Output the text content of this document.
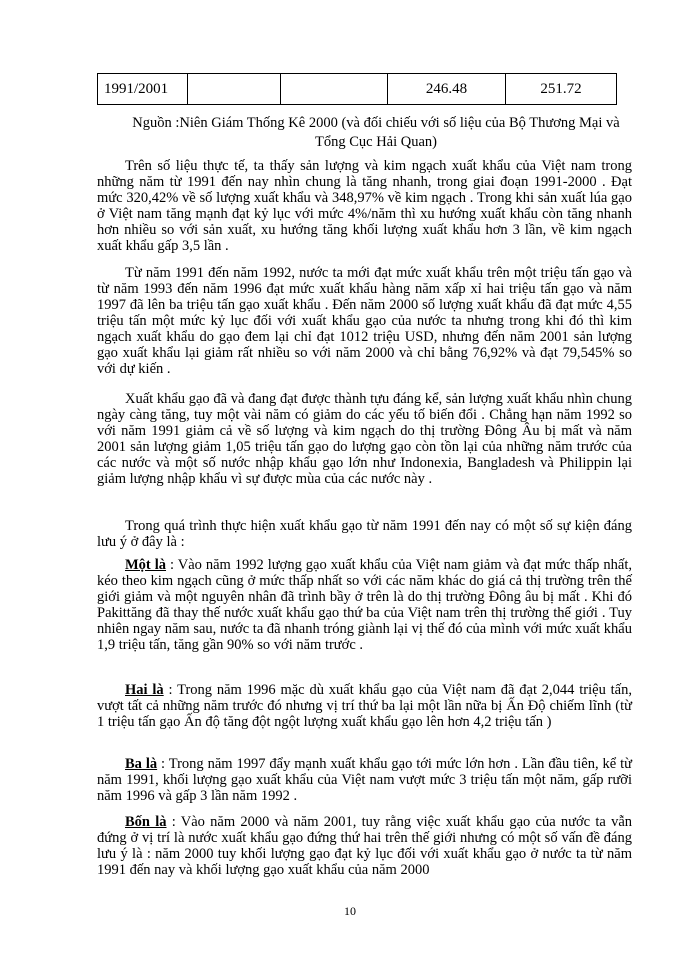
1991/2001			246.48	251.72
Nguồn :Niên Giám Thống Kê 2000 (và đối chiếu với số liệu của Bộ Thương Mại và Tổng Cục Hải Quan)
Trên số liệu thực tế, ta thấy sản lượng và kim ngạch xuất khẩu của Việt nam trong những năm từ 1991 đến nay nhìn chung là tăng nhanh, trong giai đoạn 1991-2000 . Đạt mức 320,42% về số lượng xuất khẩu và 348,97% về kim ngạch . Trong khi sản xuất lúa gạo ở Việt nam tăng mạnh đạt kỷ lục với mức 4%/năm thì xu hướng xuất khẩu còn tăng nhanh hơn nhiều so với sản xuất, xu hướng tăng khối lượng xuất khẩu hơn 3 lần, về kim ngạch xuất khẩu gấp 3,5 lần .
Từ năm 1991 đến năm 1992, nước ta mới đạt mức xuất khẩu trên một triệu tấn gạo và từ năm 1993 đến năm 1996 đạt mức xuất khẩu hàng năm xấp xỉ hai triệu tấn gạo và năm 1997 đã lên ba triệu tấn gạo xuất khẩu . Đến năm 2000 số lượng xuất khẩu đã đạt mức 4,55 triệu tấn một mức kỷ lục đối với xuất khẩu gạo của nước ta nhưng trong khi đó thì kim ngạch xuất khẩu do gạo đem lại chỉ đạt 1012 triệu USD, nhưng đến năm 2001 sản lượng gạo xuất khẩu lại giảm rất nhiều so với năm 2000 và chỉ bằng 76,92% và đạt 79,545% so với dự kiến .
Xuất khẩu gạo đã và đang đạt được thành tựu đáng kể, sản lượng xuất khẩu nhìn chung ngày càng tăng, tuy một vài năm có giảm do các yếu tố biến đổi . Chẳng hạn năm 1992 so với năm 1991 giảm cả về số lượng và kim ngạch do thị trường Đông Âu bị mất và năm 2001 sản lượng giảm 1,05 triệu tấn gạo do lượng gạo còn tồn lại của những năm trước của các nước và một số nước nhập khẩu gạo lớn như Indonexia, Bangladesh và Philippin lại giảm lượng nhập khẩu vì sự được mùa của các nước này .
Trong quá trình thực hiện xuất khẩu gạo từ năm 1991 đến nay có một số sự kiện đáng lưu ý ở đây là :
Một là : Vào năm 1992 lượng gạo xuất khẩu của Việt nam giảm và đạt mức thấp nhất, kéo theo kim ngạch cũng ở mức thấp nhất so với các năm khác do giá cả thị trường trên thế giới giảm và một nguyên nhân đã trình bầy ở trên là do thị trường Đông âu bị mất . Khi đó Pakittăng đã thay thế nước xuất khẩu gạo thứ ba của Việt nam trên thị trường thế giới . Tuy nhiên ngay năm sau, nước ta đã nhanh tróng giành lại vị thế đó của mình với mức xuất khẩu 1,9 triệu tấn, tăng gần 90% so với năm trước .
Hai là : Trong năm 1996 mặc dù xuất khẩu gạo của Việt nam đã đạt 2,044 triệu tấn, vượt tất cả những năm trước đó nhưng vị trí thứ ba lại một lần nữa bị Ấn Độ chiếm lĩnh (từ 1 triệu tấn gạo Ấn độ tăng đột ngột lượng xuất khẩu gạo lên hơn 4,2 triệu tấn )
Ba là : Trong năm 1997 đẩy mạnh xuất khẩu gạo tới mức lớn hơn . Lần đầu tiên, kể từ năm 1991, khối lượng gạo xuất khẩu của Việt nam vượt mức 3 triệu tấn một năm, gấp rưỡi năm 1996 và gấp 3 lần năm 1992 .
Bốn là : Vào năm 2000 và năm 2001, tuy rằng việc xuất khẩu gạo của nước ta vẫn đứng ở vị trí là nước xuất khẩu gạo đứng thứ hai trên thế giới nhưng có một số vấn đề đáng lưu ý là : năm 2000 tuy khối lượng gạo đạt kỷ lục đối với xuất khẩu gạo ở nước ta từ năm 1991 đến nay và khối lượng gạo xuất khẩu của năm 2000
10
